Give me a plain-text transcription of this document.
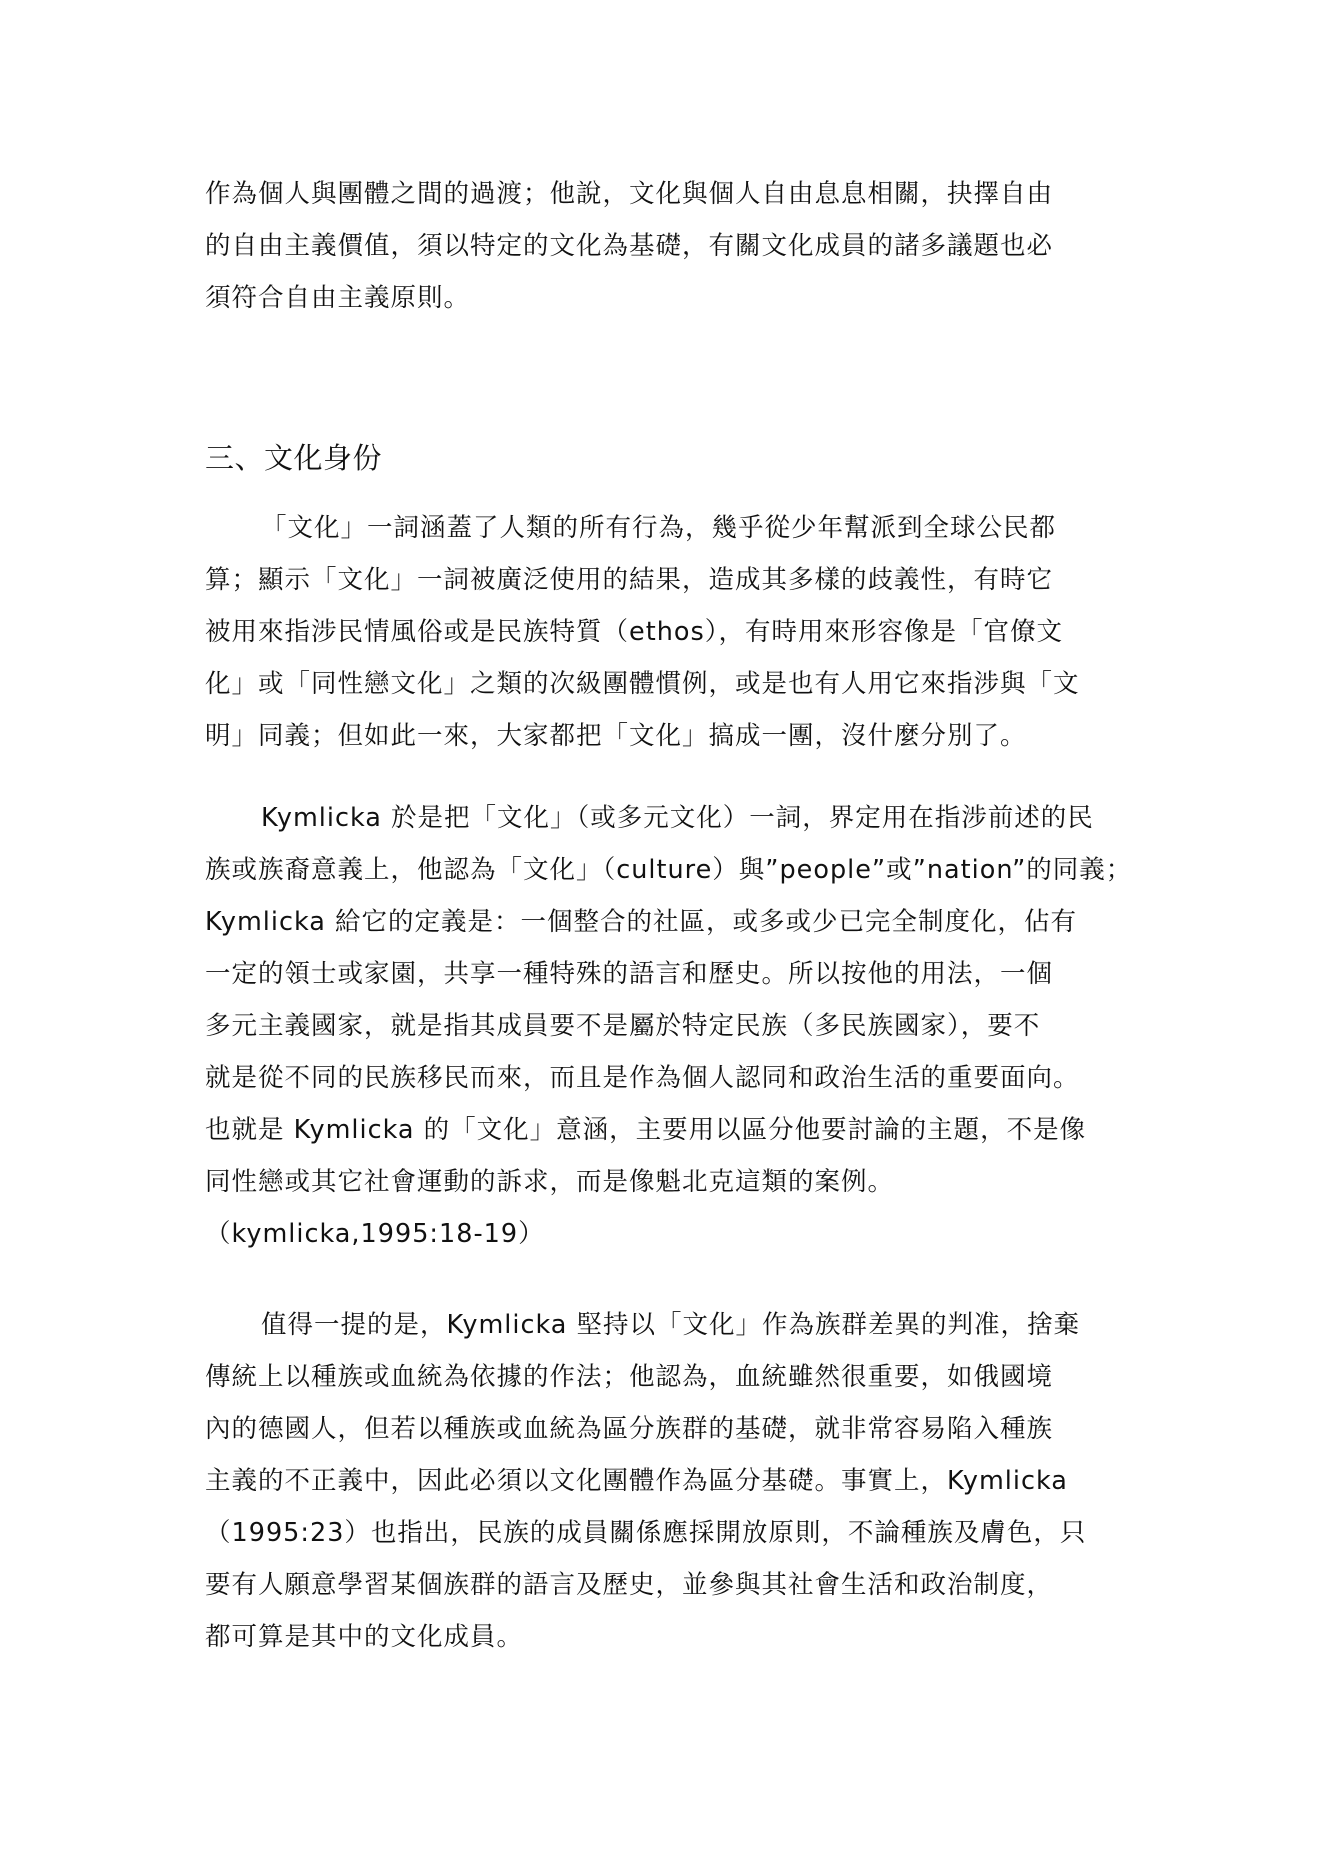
作為個人與團體之間的過渡；他說，文化與個人自由息息相關，抉擇自由
的自由主義價值，須以特定的文化為基礎，有關文化成員的諸多議題也必
須符合自由主義原則。
三、文化身份
「文化」一詞涵蓋了人類的所有行為，幾乎從少年幫派到全球公民都
算；顯示「文化」一詞被廣泛使用的結果，造成其多樣的歧義性，有時它
被用來指涉民情風俗或是民族特質（ethos），有時用來形容像是「官僚文
化」或「同性戀文化」之類的次級團體慣例，或是也有人用它來指涉與「文
明」同義；但如此一來，大家都把「文化」搞成一團，沒什麼分別了。
Kymlicka 於是把「文化」（或多元文化）一詞，界定用在指涉前述的民
族或族裔意義上，他認為「文化」（culture）與”people”或”nation”的同義；
Kymlicka 給它的定義是：一個整合的社區，或多或少已完全制度化，佔有
一定的領士或家園，共享一種特殊的語言和歷史。所以按他的用法，一個
多元主義國家，就是指其成員要不是屬於特定民族（多民族國家），要不
就是從不同的民族移民而來，而且是作為個人認同和政治生活的重要面向。
也就是 Kymlicka 的「文化」意涵，主要用以區分他要討論的主題，不是像
同性戀或其它社會運動的訴求，而是像魁北克這類的案例。
（kymlicka,1995:18-19）
值得一提的是，Kymlicka 堅持以「文化」作為族群差異的判准，捨棄
傳統上以種族或血統為依據的作法；他認為，血統雖然很重要，如俄國境
內的德國人，但若以種族或血統為區分族群的基礎，就非常容易陷入種族
主義的不正義中，因此必須以文化團體作為區分基礎。事實上，Kymlicka
（1995:23）也指出，民族的成員關係應採開放原則，不論種族及膚色，只
要有人願意學習某個族群的語言及歷史，並參與其社會生活和政治制度，
都可算是其中的文化成員。
